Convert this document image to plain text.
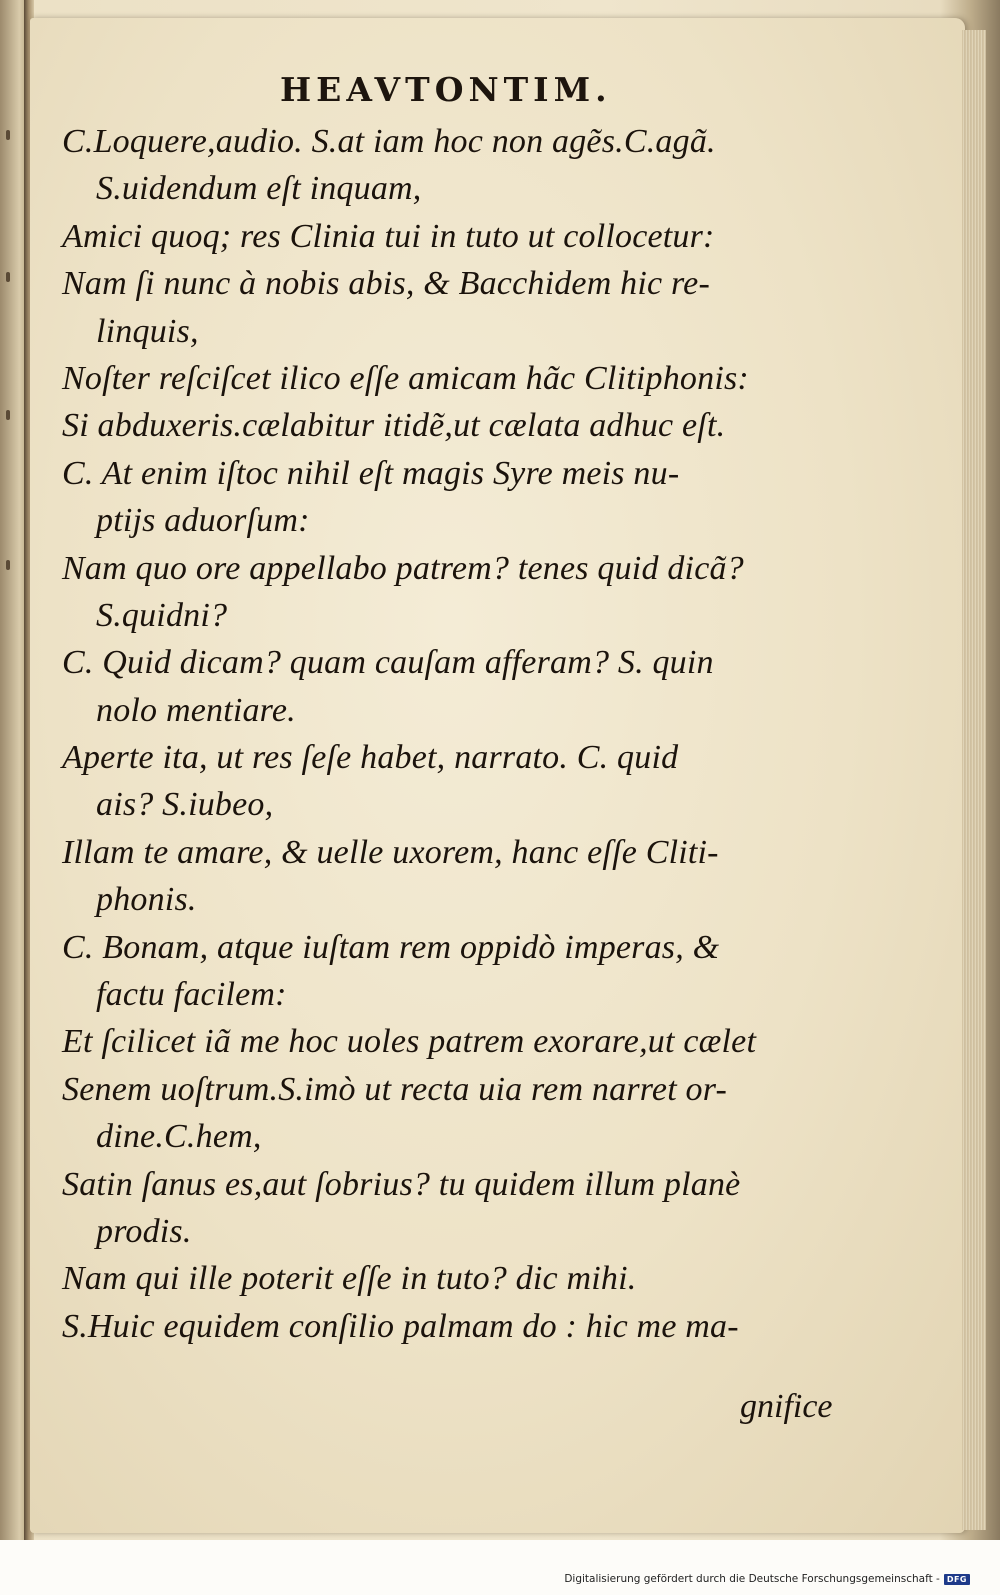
HEAVTONTIM.
C.Loquere,audio. S.at iam hoc non agẽs.C.agã.
S.uidendum eſt inquam,
Amici quoq; res Clinia tui in tuto ut collocetur:
Nam ſi nunc à nobis abis, & Bacchidem hic re-
linquis,
Noſter reſciſcet ilico eſſe amicam hãc Clitiphonis:
Si abduxeris.cælabitur itidẽ,ut cælata adhuc eſt.
C. At enim iſtoc nihil eſt magis Syre meis nu-
ptijs aduorſum:
Nam quo ore appellabo patrem? tenes quid dicã?
S.quidni?
C. Quid dicam? quam cauſam afferam? S. quin
nolo mentiare.
Aperte ita, ut res ſeſe habet, narrato. C. quid
ais? S.iubeo,
Illam te amare, & uelle uxorem, hanc eſſe Cliti-
phonis.
C. Bonam, atque iuſtam rem oppidò imperas, &
factu facilem:
Et ſcilicet iã me hoc uoles patrem exorare,ut cælet
Senem uoſtrum.S.imò ut recta uia rem narret or-
dine.C.hem,
Satin ſanus es,aut ſobrius? tu quidem illum planè
prodis.
Nam qui ille poterit eſſe in tuto? dic mihi.
S.Huic equidem conſilio palmam do : hic me ma-
gnifice
Digitalisierung gefördert durch die Deutsche Forschungsgemeinschaft - DFG
